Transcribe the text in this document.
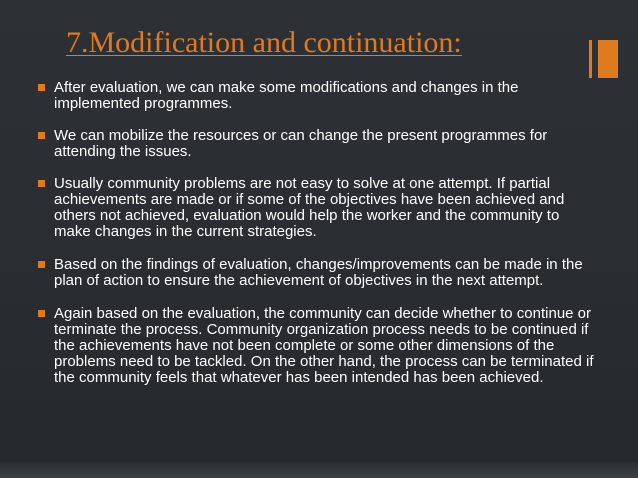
7.Modification and continuation:
After evaluation, we can make some modifications and changes in the implemented programmes.
We can mobilize the resources or can change the present programmes for attending the issues.
Usually community problems are not easy to solve at one attempt. If partial achievements are made or if some of the objectives have been achieved and others not achieved, evaluation would help the worker and the community to make changes in the current strategies.
Based on the findings of evaluation, changes/improvements can be made in the plan of action to ensure the achievement of objectives in the next attempt.
Again based on the evaluation, the community can decide whether to continue or terminate the process. Community organization process needs to be continued if the achievements have not been complete or some other dimensions of the problems need to be tackled. On the other hand, the process can be terminated if the community feels that whatever has been intended has been achieved.
